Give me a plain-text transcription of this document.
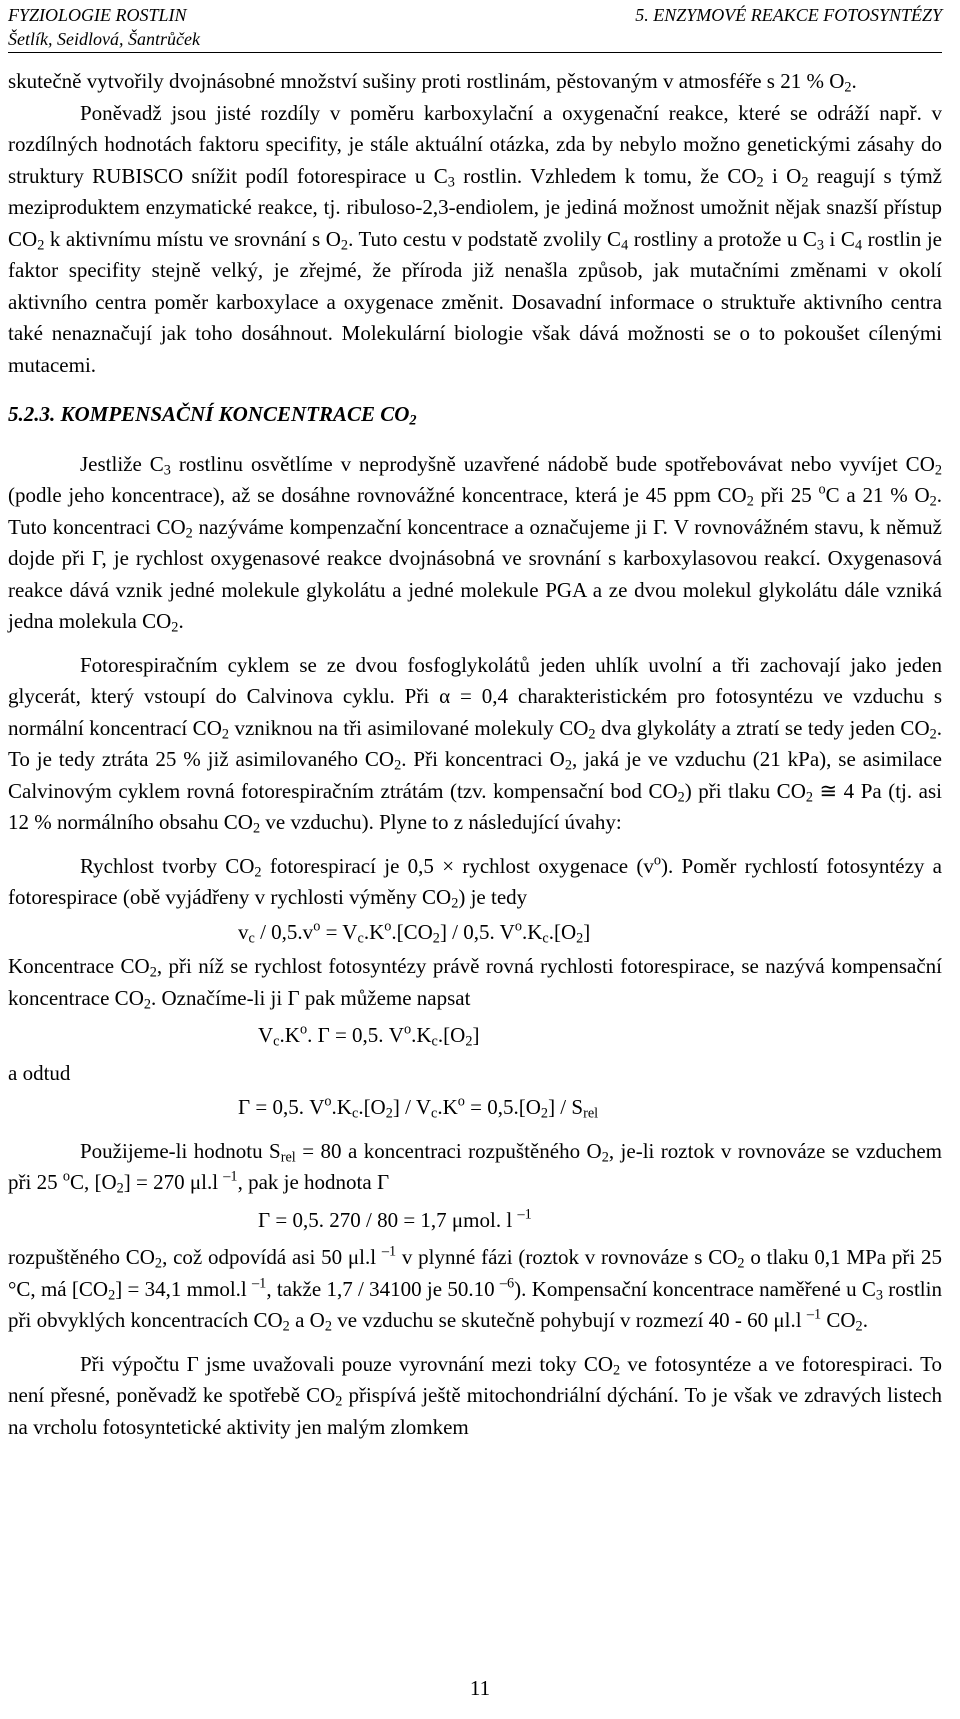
FYZIOLOGIE ROSTLIN
Šetlík, Seidlová, Šantrůček
5. ENZYMOVÉ REAKCE FOTOSYNTÉZY

skutečně vytvořily dvojnásobné množství sušiny proti rostlinám, pěstovaným v atmosféře s 21 % $O_2$.

Poněvadž jsou jisté rozdíly v poměru karboxylační a oxygenační reakce, které se odráží např. v rozdílných hodnotách faktoru specifity, je stále aktuální otázka, zda by nebylo možno genetickými zásahy do struktury RUBISCO snížit podíl fotorespirace u $C_3$ rostlin. Vzhledem k tomu, že $CO_2$ i $O_2$ reagují s týmž meziproduktem enzymatické reakce, tj. ribuloso-2,3-endiolem, je jediná možnost umožnit nějak snazší přístup $CO_2$ k aktivnímu místu ve srovnání s $O_2$. Tuto cestu v podstatě zvolily $C_4$ rostliny a protože u $C_3$ i $C_4$ rostlin je faktor specifity stejně velký, je zřejmé, že příroda již nenašla způsob, jak mutačními změnami v okolí aktivního centra poměr karboxylace a oxygenace změnit. Dosavadní informace o struktuře aktivního centra také nenaznačují jak toho dosáhnout. Molekulární biologie však dává možnosti se o to pokoušet cílenými mutacemi.

5.2.3. KOMPENSAČNÍ KONCENTRACE $CO_2$

Jestliže $C_3$ rostlinu osvětlíme v neprodyšně uzavřené nádobě bude spotřebovávat nebo vyvíjet $CO_2$ (podle jeho koncentrace), až se dosáhne rovnovážné koncentrace, která je 45 ppm $CO_2$ při 25 $^o$C a 21 % $O_2$. Tuto koncentraci $CO_2$ nazýváme kompenzační koncentrace a označujeme ji Γ. V rovnovážném stavu, k němuž dojde při Γ, je rychlost oxygenasové reakce dvojnásobná ve srovnání s karboxylasovou reakcí. Oxygenasová reakce dává vznik jedné molekule glykolátu a jedné molekule PGA a ze dvou molekul glykolátu dále vzniká jedna molekula $CO_2$.

Fotorespiračním cyklem se ze dvou fosfoglykolátů jeden uhlík uvolní a tři zachovají jako jeden glycerát, který vstoupí do Calvinova cyklu. Při α = 0,4 charakteristickém pro fotosyntézu ve vzduchu s normální koncentrací $CO_2$ vzniknou na tři asimilované molekuly $CO_2$ dva glykoláty a ztratí se tedy jeden $CO_2$. To je tedy ztráta 25 % již asimilovaného $CO_2$. Při koncentraci $O_2$, jaká je ve vzduchu (21 kPa), se asimilace Calvinovým cyklem rovná fotorespiračním ztrátám (tzv. kompensační bod $CO_2$) při tlaku $CO_2$ ≅ 4 Pa (tj. asi 12 % normálního obsahu $CO_2$ ve vzduchu). Plyne to z následující úvahy:

Rychlost tvorby $CO_2$ fotorespirací je 0,5 × rychlost oxygenace $(v^o)$. Poměr rychlostí fotosyntézy a fotorespirace (obě vyjádřeny v rychlosti výměny $CO_2$) je tedy

$v_c / 0,5.v^o = V_c.K^o.[CO_2] / 0,5$. $V^o.K_c.[O_2]$

Koncentrace $CO_2$, při níž se rychlost fotosyntézy právě rovná rychlosti fotorespirace, se nazývá kompensační koncentrace $CO_2$. Označíme-li ji Γ pak můžeme napsat

$V_c.K^o$. Γ = 0,5. $V^o.K_c.[O_2]$

a odtud

Γ = 0,5. $V^o.K_c.[O_2] / V_c.K^o = 0,5.[O_2] / S_{rel}$

Použijeme-li hodnotu $S_{rel} = 80$ a koncentraci rozpuštěného $O_2$, je-li roztok v rovnováze se vzduchem při 25 $^o$C, $[O_2] = 270$ μl.l $^{-1}$, pak je hodnota Γ

Γ = 0,5. 270 / 80 = 1,7 μmol. l $^{-1}$

rozpuštěného $CO_2$, což odpovídá asi 50 μl.l $^{-1}$ v plynné fázi (roztok v rovnováze s $CO_2$ o tlaku 0,1 MPa při 25 °C, má $[CO_2] = 34,1$ mmol.l $^{-1}$, takže 1,7 / 34100 je 50.10 $^{-6}$). Kompensační koncentrace naměřené u $C_3$ rostlin při obvyklých koncentracích $CO_2$ a $O_2$ ve vzduchu se skutečně pohybují v rozmezí 40 - 60 μl.l $^{-1}$ $CO_2$.

Při výpočtu Γ jsme uvažovali pouze vyrovnání mezi toky $CO_2$ ve fotosyntéze a ve fotorespiraci. To není přesné, poněvadž ke spotřebě $CO_2$ přispívá ještě mitochondriální dýchání. To je však ve zdravých listech na vrcholu fotosyntetické aktivity jen malým zlomkem

11
